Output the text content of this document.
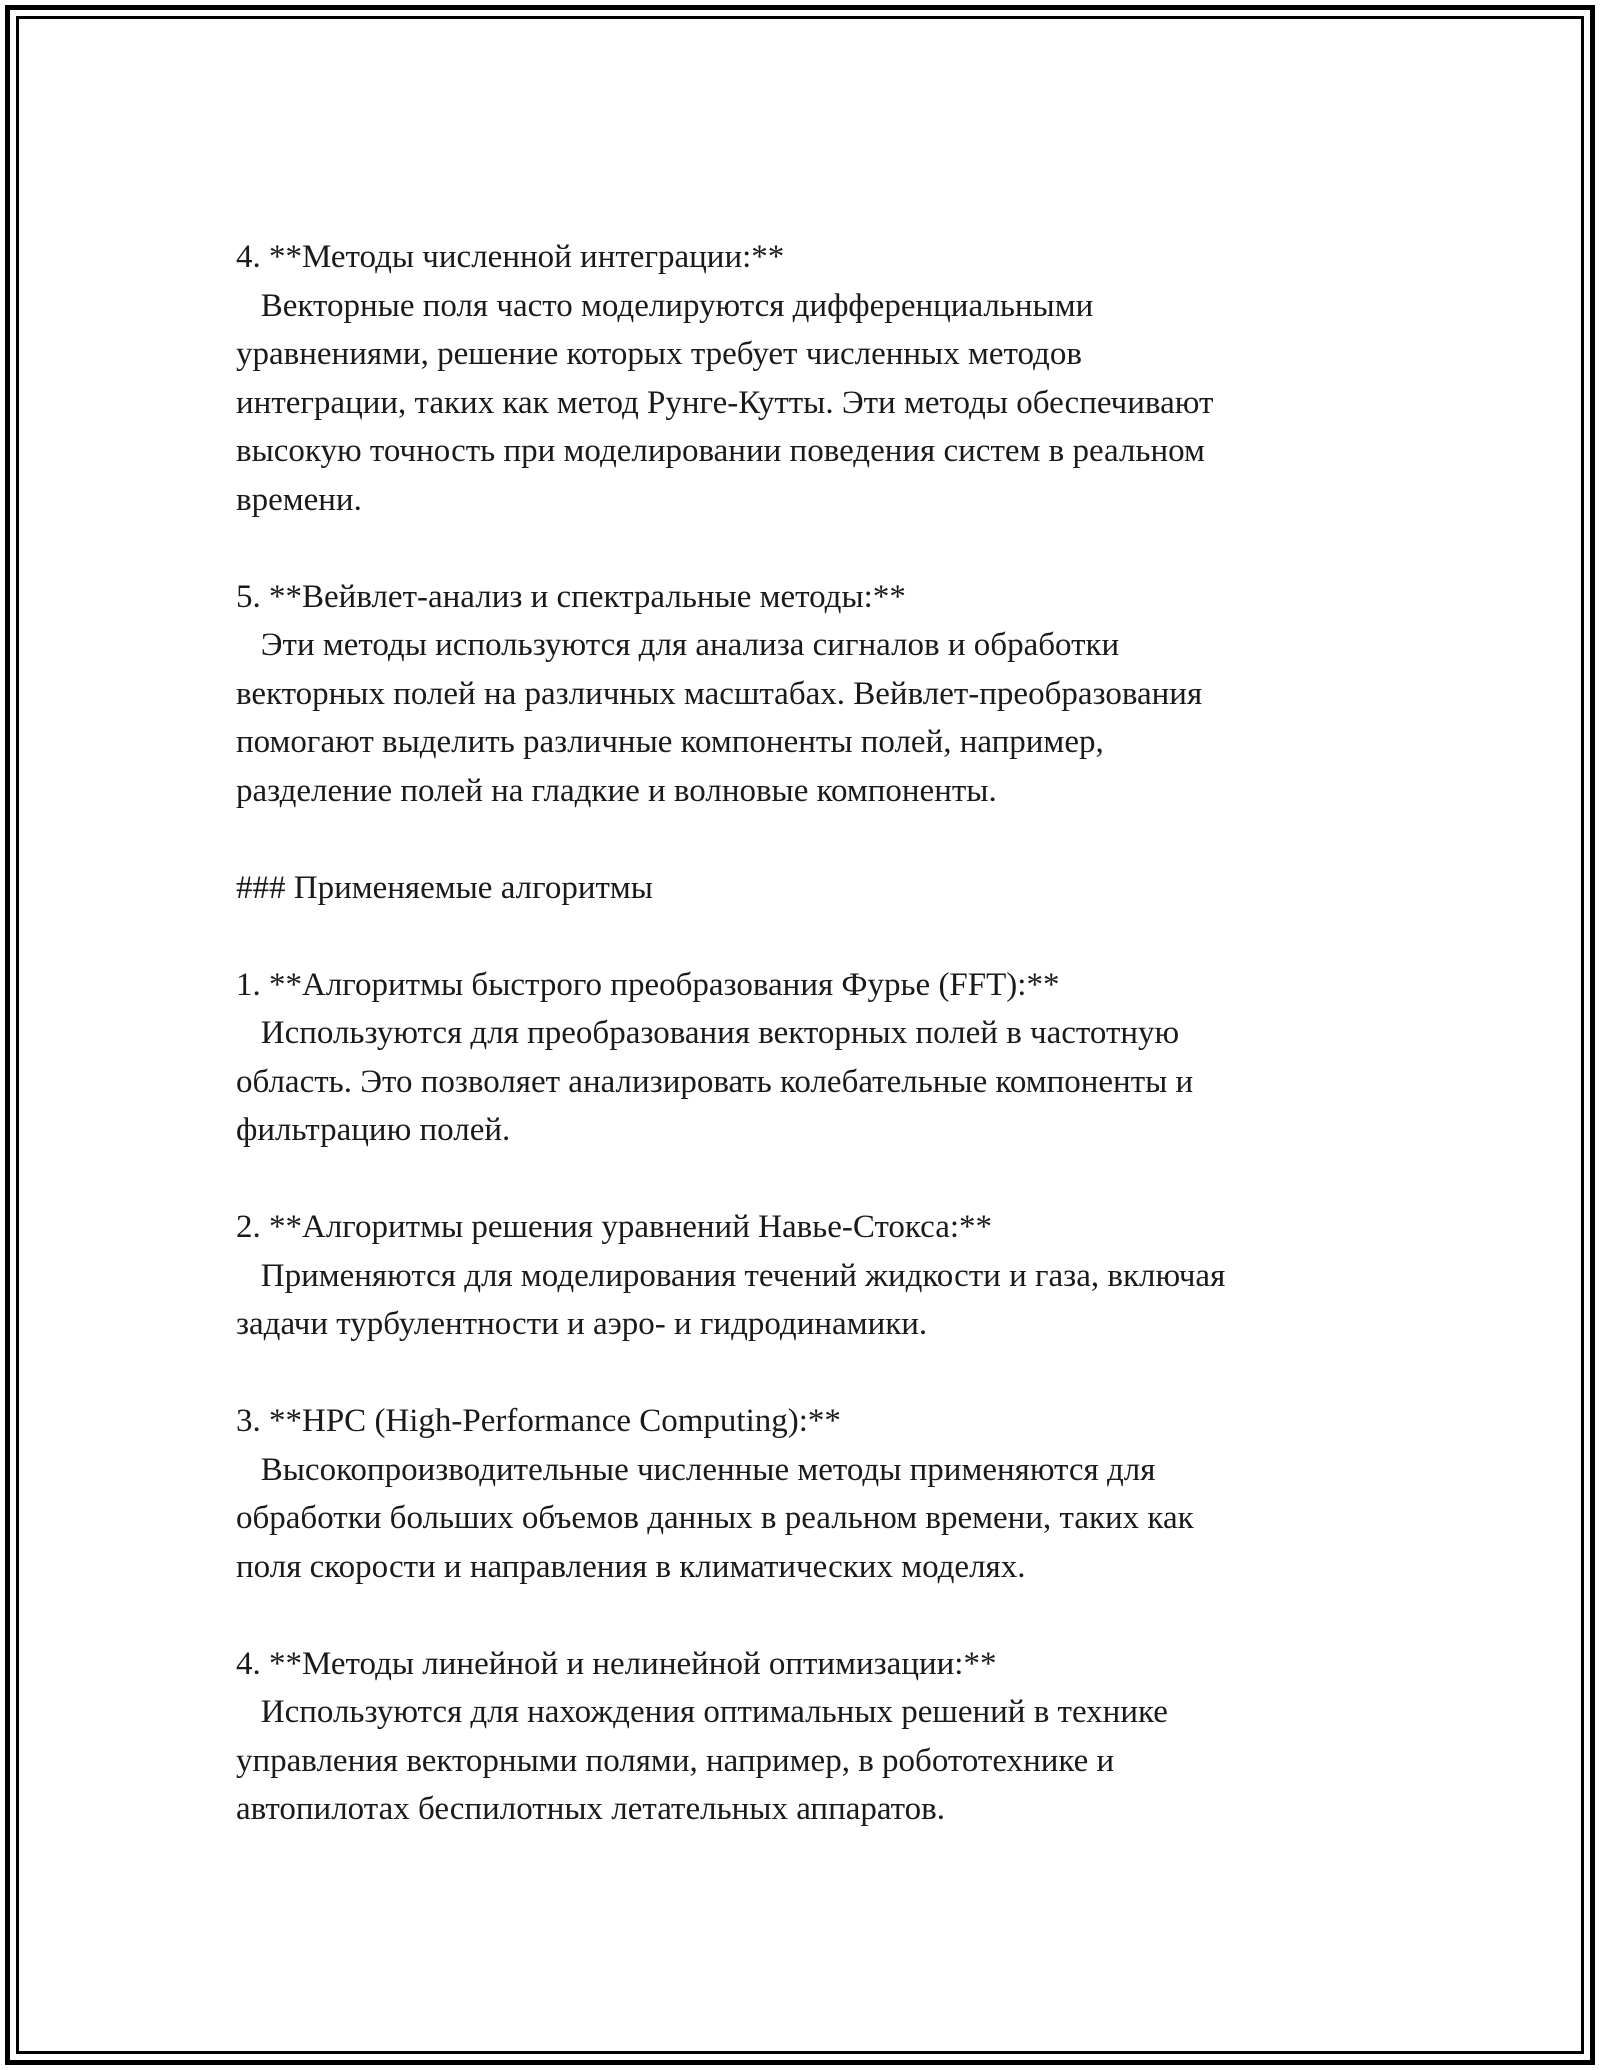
4. **Методы численной интеграции:**

Векторные поля часто моделируются дифференциальными

уравнениями, решение которых требует численных методов

интеграции, таких как метод Рунге-Кутты. Эти методы обеспечивают

высокую точность при моделировании поведения систем в реальном

времени.

5. **Вейвлет-анализ и спектральные методы:**

Эти методы используются для анализа сигналов и обработки

векторных полей на различных масштабах. Вейвлет-преобразования

помогают выделить различные компоненты полей, например,

разделение полей на гладкие и волновые компоненты.

### Применяемые алгоритмы

1. **Алгоритмы быстрого преобразования Фурье (FFT):**

Используются для преобразования векторных полей в частотную

область. Это позволяет анализировать колебательные компоненты и

фильтрацию полей.

2. **Алгоритмы решения уравнений Навье-Стокса:**

Применяются для моделирования течений жидкости и газа, включая

задачи турбулентности и аэро- и гидродинамики.

3. **HPC (High-Performance Computing):**

Высокопроизводительные численные методы применяются для

обработки больших объемов данных в реальном времени, таких как

поля скорости и направления в климатических моделях.

4. **Методы линейной и нелинейной оптимизации:**

Используются для нахождения оптимальных решений в технике

управления векторными полями, например, в робототехнике и

автопилотах беспилотных летательных аппаратов.
